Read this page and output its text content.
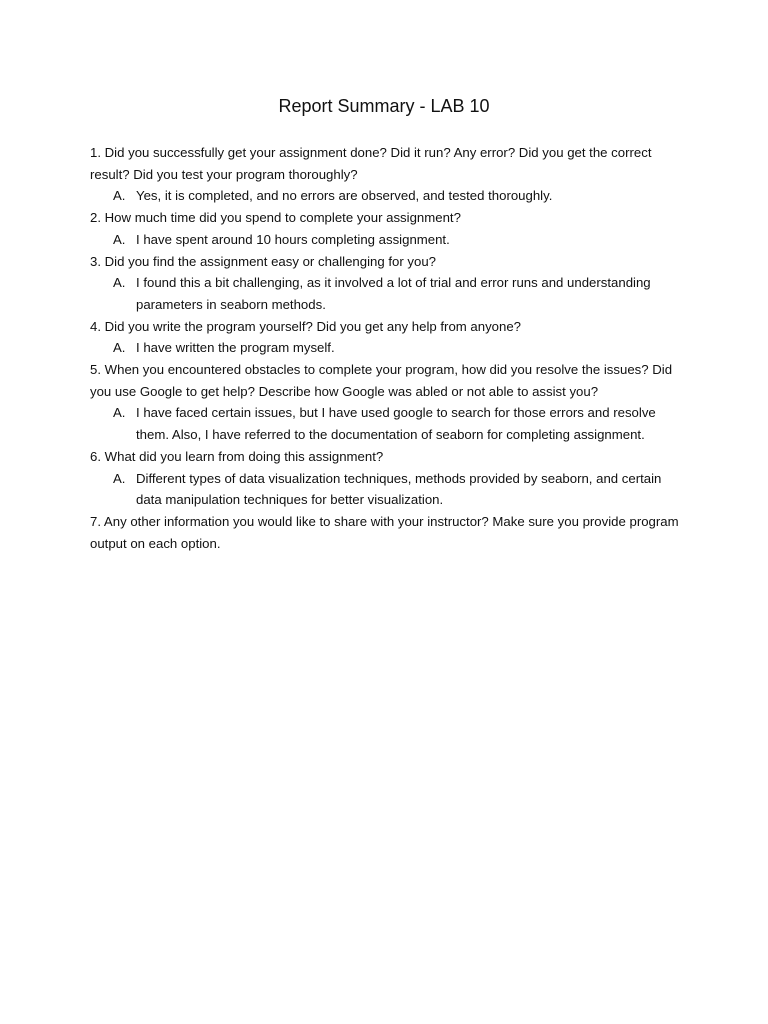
Report Summary - LAB 10
1. Did you successfully get your assignment done? Did it run? Any error? Did you get the correct result? Did you test your program thoroughly?
A. Yes, it is completed, and no errors are observed, and tested thoroughly.
2. How much time did you spend to complete your assignment?
A. I have spent around 10 hours completing assignment.
3. Did you find the assignment easy or challenging for you?
A. I found this a bit challenging, as it involved a lot of trial and error runs and understanding parameters in seaborn methods.
4. Did you write the program yourself? Did you get any help from anyone?
A. I have written the program myself.
5. When you encountered obstacles to complete your program, how did you resolve the issues? Did you use Google to get help? Describe how Google was abled or not able to assist you?
A. I have faced certain issues, but I have used google to search for those errors and resolve them. Also, I have referred to the documentation of seaborn for completing assignment.
6. What did you learn from doing this assignment?
A. Different types of data visualization techniques, methods provided by seaborn, and certain data manipulation techniques for better visualization.
7. Any other information you would like to share with your instructor? Make sure you provide program output on each option.
